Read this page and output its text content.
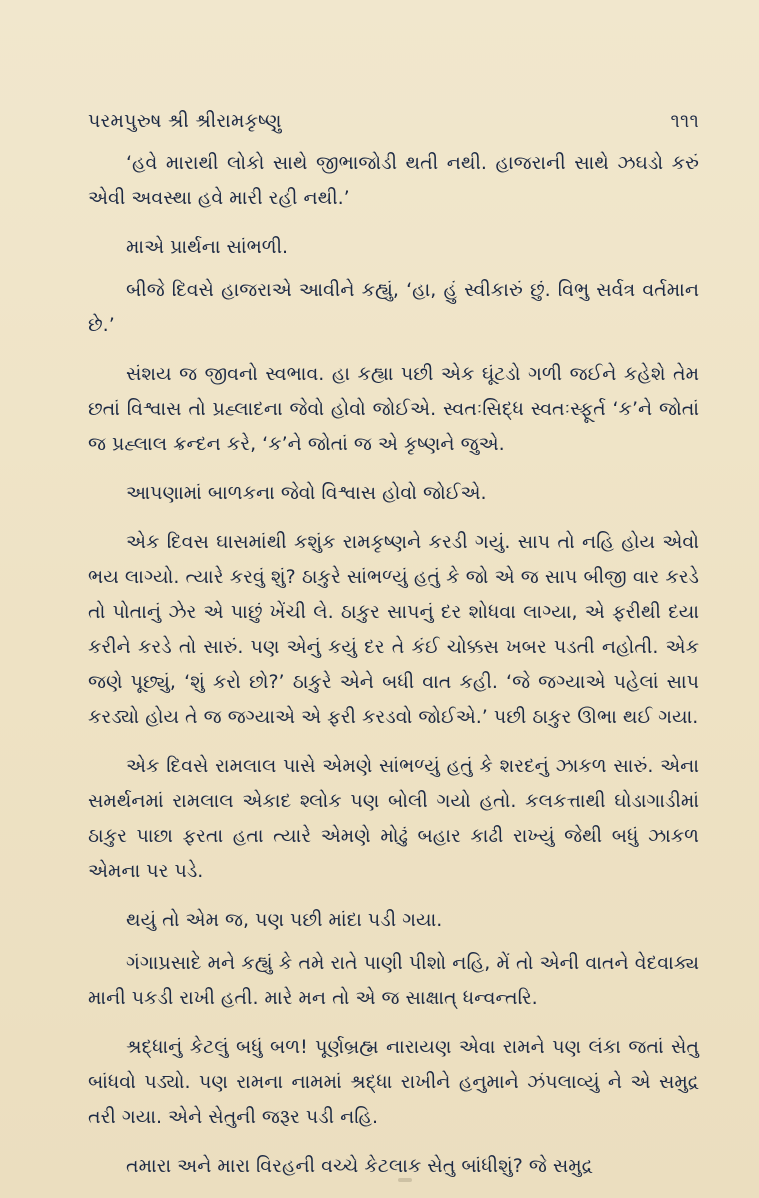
પરમપુરુષ શ્રી શ્રીરામકૃષ્ણુ	૧૧૧

‘હવે મારાથી લોકો સાથે જીભાજોડી થતી નથી. હાજરાની સાથે ઝઘડો કરું એવી અવસ્થા હવે મારી રહી નથી.’

માએ પ્રાર્થના સાંભળી.

બીજે દિવસે હાજરાએ આવીને કહ્યું, ‘હા, હું સ્વીકારું છું. વિભુ સર્વત્ર વર્તમાન છે.’

સંશય જ જીવનો સ્વભાવ. હા કહ્યા પછી એક ઘૂંટડો ગળી જઈને કહેશે તેમ છતાં વિશ્વાસ તો પ્રહ્લાદના જેવો હોવો જોઈએ. સ્વતઃસિદ્ધ સ્વતઃસ્ફૂર્ત ‘ક’ને જોતાં જ પ્રહ્લાલ ક્રન્દન કરે, ‘ક’ને જોતાં જ એ કૃષ્ણને જુએ.

આપણામાં બાળકના જેવો વિશ્વાસ હોવો જોઈએ.

એક દિવસ ઘાસમાંથી કશુંક રામકૃષ્ણને કરડી ગયું. સાપ તો નહિ હોય એવો ભય લાગ્યો. ત્યારે કરવું શું? ઠાકુરે સાંભળ્યું હતું કે જો એ જ સાપ બીજી વાર કરડે તો પોતાનું ઝેર એ પાછું ખેંચી લે. ઠાકુર સાપનું દર શોધવા લાગ્યા, એ ફરીથી દયા કરીને કરડે તો સારું. પણ એનું કયું દર તે કંઈ ચોક્કસ ખબર પડતી નહોતી. એક જણે પૂછ્યું, ‘શું કરો છો?’ ઠાકુરે એને બધી વાત કહી. ‘જે જગ્યાએ પહેલાં સાપ કરડ્યો હોય તે જ જગ્યાએ એ ફરી કરડવો જોઈએ.’ પછી ઠાકુર ઊભા થઈ ગયા.

એક દિવસે રામલાલ પાસે એમણે સાંભળ્યું હતું કે શરદનું ઝાકળ સારું. એના સમર્થનમાં રામલાલ એકાદ શ્લોક પણ બોલી ગયો હતો. કલકત્તાથી ઘોડાગાડીમાં ઠાકુર પાછા ફરતા હતા ત્યારે એમણે મોઢું બહાર કાઢી રાખ્યું જેથી બધું ઝાકળ એમના પર પડે.

થયું તો એમ જ, પણ પછી માંદા પડી ગયા.

ગંગાપ્રસાદે મને કહ્યું કે તમે રાતે પાણી પીશો નહિ, મેં તો એની વાતને વેદવાક્ય માની પકડી રાખી હતી. મારે મન તો એ જ સાક્ષાત્ ધન્વન્તરિ.

શ્રદ્ધાનું કેટલું બધું બળ! પૂર્ણબ્રહ્મ નારાયણ એવા રામને પણ લંકા જતાં સેતુ બાંધવો પડ્યો. પણ રામના નામમાં શ્રદ્ધા રાખીને હનુમાને ઝંપલાવ્યું ને એ સમુદ્ર તરી ગયા. એને સેતુની જરૂર પડી નહિ.

તમારા અને મારા વિરહની વચ્ચે કેટલાક સેતુ બાંધીશું? જે સમુદ્ર
